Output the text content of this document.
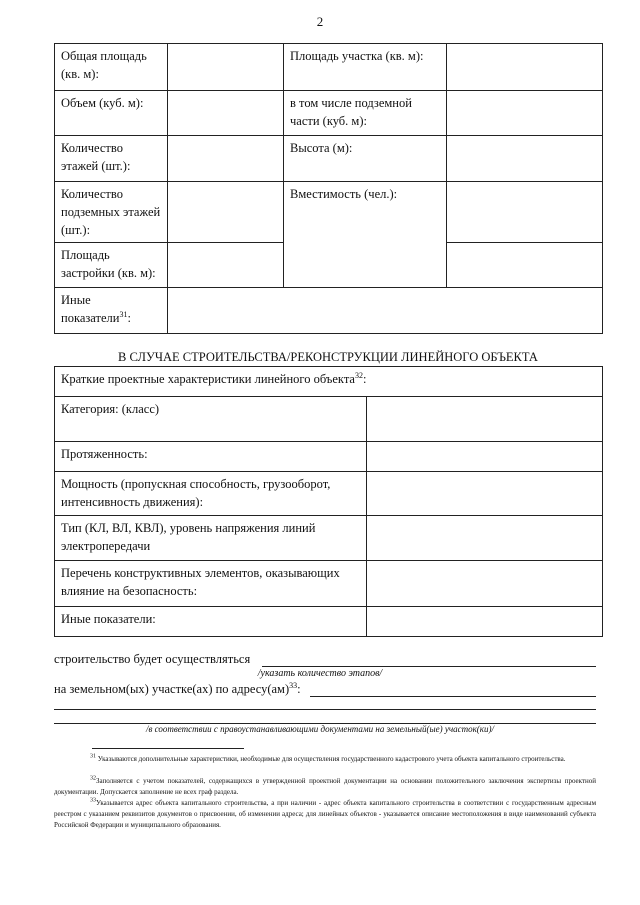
2
Общая площадь (кв. м):		Площадь участка (кв. м):	
Объем (куб. м):		в том числе подземной части (куб. м):	
Количество этажей (шт.):		Высота (м):	
Количество подземных этажей (шт.):		Вместимость (чел.):	
Площадь застройки (кв. м):			
Иные показатели$^{31}$:			
В СЛУЧАЕ СТРОИТЕЛЬСТВА/РЕКОНСТРУКЦИИ ЛИНЕЙНОГО ОБЪЕКТА
Краткие проектные характеристики линейного объекта$^{32}$:	
Категория: (класс)	
Протяженность:	
Мощность (пропускная способность, грузооборот, интенсивность движения):	
Тип (КЛ, ВЛ, КВЛ), уровень напряжения линий электропередачи	
Перечень конструктивных элементов, оказывающих влияние на безопасность:	
Иные показатели:	
строительство будет осуществляться
/указать количество этапов/
на земельном(ых) участке(ах) по адресу(ам)$^{33}$:
/в соответствии с правоустанавливающими документами на земельный(ые) участок(ки)/
$^{31}$ Указываются дополнительные характеристики, необходимые для осуществления государственного кадастрового учета объекта капитального строительства.
$^{32}$Заполняется с учетом показателей, содержащихся в утвержденной проектной документации на основании положительного заключения экспертизы проектной документации. Допускается заполнение не всех граф раздела.
$^{33}$Указывается адрес объекта капитального строительства, а при наличии - адрес объекта капитального строительства в соответствии с государственным адресным реестром с указанием реквизитов документов о присвоении, об изменении адреса; для линейных объектов - указывается описание местоположения в виде наименований субъекта Российской Федерации и муниципального образования.
